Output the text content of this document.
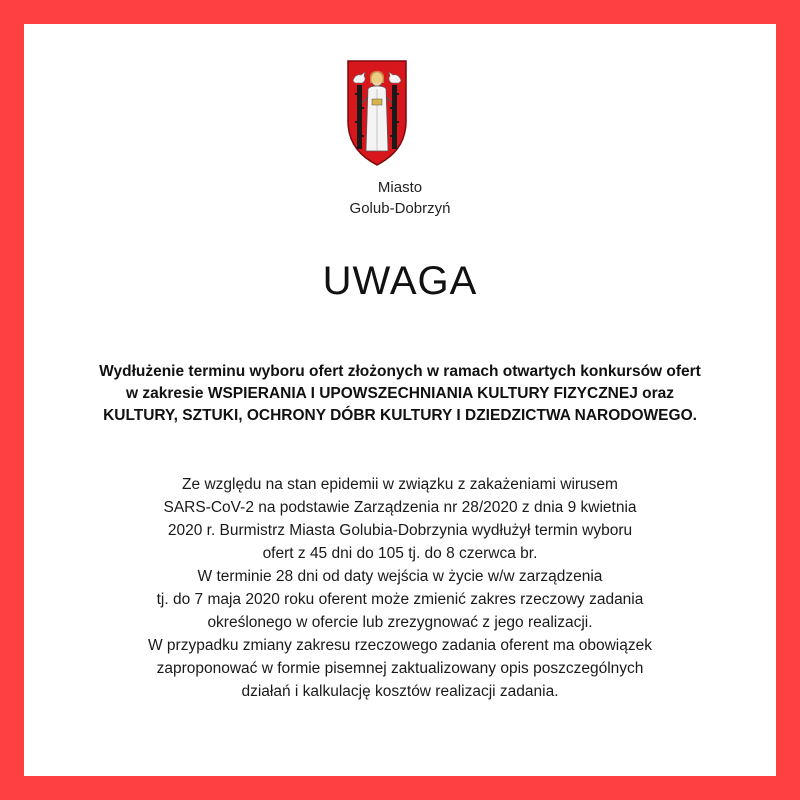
Miasto
Golub-Dobrzyń
UWAGA
Wydłużenie terminu wyboru ofert złożonych w ramach otwartych konkursów ofert
w zakresie WSPIERANIA I UPOWSZECHNIANIA KULTURY FIZYCZNEJ oraz
KULTURY, SZTUKI, OCHRONY DÓBR KULTURY I DZIEDZICTWA NARODOWEGO.
Ze względu na stan epidemii w związku z zakażeniami wirusem
SARS-CoV-2 na podstawie Zarządzenia nr 28/2020 z dnia 9 kwietnia
2020 r. Burmistrz Miasta Golubia-Dobrzynia wydłużył termin wyboru
ofert z 45 dni do 105 tj. do 8 czerwca br.
W terminie 28 dni od daty wejścia w życie w/w zarządzenia
tj. do 7 maja 2020 roku oferent może zmienić zakres rzeczowy zadania
określonego w ofercie lub zrezygnować z jego realizacji.
W przypadku zmiany zakresu rzeczowego zadania oferent ma obowiązek
zaproponować w formie pisemnej zaktualizowany opis poszczególnych
działań i kalkulację kosztów realizacji zadania.
